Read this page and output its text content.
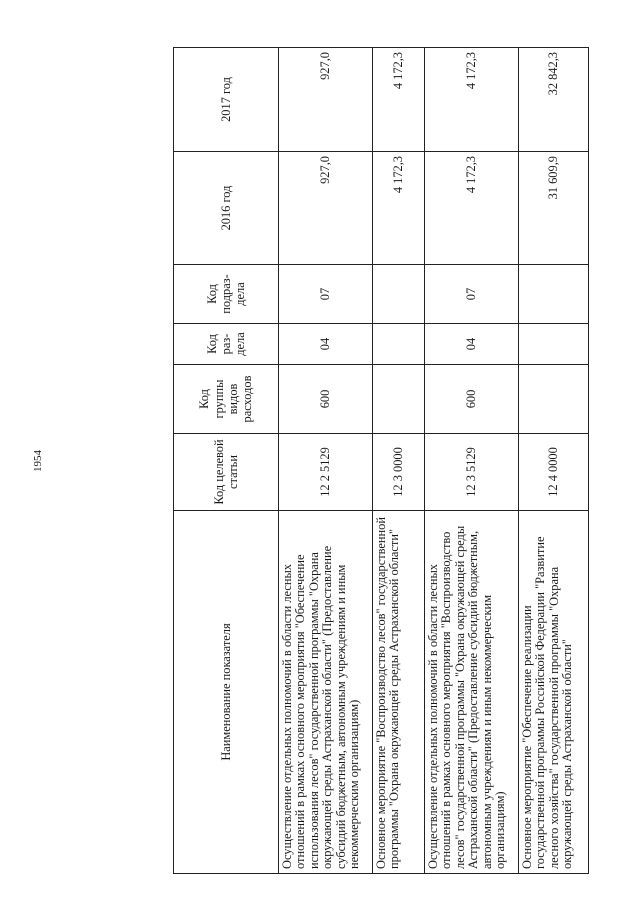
1954
Наименование показателя	Код целевой статьи	Код группы видов расходов	Код раз-дела	Код подраз-дела	2016 год	2017 год
Осуществление отдельных полномочий в области лесных отношений в рамках основного мероприятия "Обеспечение использования лесов" государственной программы "Охрана окружающей среды Астраханской области" (Предоставление субсидий бюджетным, автономным учреждениям и иным некоммерческим организациям)	12 2 5129	600	04	07	927,0	927,0
Основное мероприятие "Воспроизводство лесов" государственной программы "Охрана окружающей среды Астраханской области"	12 3 0000				4 172,3	4 172,3
Осуществление отдельных полномочий в области лесных отношений в рамках основного мероприятия "Воспроизводство лесов" государственной программы "Охрана окружающей среды Астраханской области" (Предоставление субсидий бюджетным, автономным учреждениям и иным некоммерческим организациям)	12 3 5129	600	04	07	4 172,3	4 172,3
Основное мероприятие "Обеспечение реализации государственной программы Российской Федерации "Развитие лесного хозяйства" государственной программы "Охрана окружающей среды Астраханской области"	12 4 0000				31 609,9	32 842,3
